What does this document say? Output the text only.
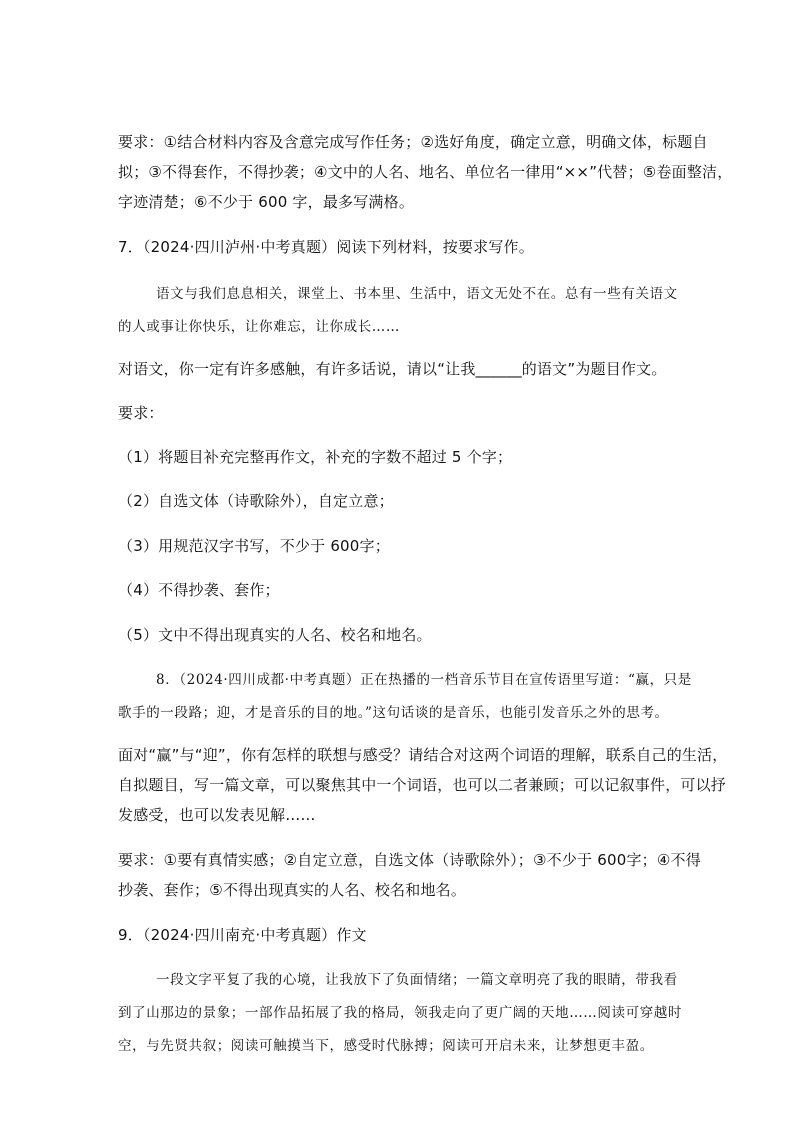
要求：①结合材料内容及含意完成写作任务；②选好角度，确定立意，明确文体，标题自
拟；③不得套作，不得抄袭；④文中的人名、地名、单位名一律用“××”代替；⑤卷面整洁，
字迹清楚；⑥不少于 600 字，最多写满格。
7．（2024·四川泸州·中考真题）阅读下列材料，按要求写作。
语文与我们息息相关，课堂上、书本里、生活中，语文无处不在。总有一些有关语文
的人或事让你快乐，让你难忘，让你成长……
对语文，你一定有许多感触，有许多话说，请以“让我______的语文”为题目作文。
要求：
（1）将题目补充完整再作文，补充的字数不超过 5 个字；
（2）自选文体（诗歌除外），自定立意；
（3）用规范汉字书写，不少于 600字；
（4）不得抄袭、套作；
（5）文中不得出现真实的人名、校名和地名。
8．（2024·四川成都·中考真题）正在热播的一档音乐节目在宣传语里写道：“赢，只是
歌手的一段路；迎，才是音乐的目的地。”这句话谈的是音乐，也能引发音乐之外的思考。
面对“赢”与“迎”，你有怎样的联想与感受？请结合对这两个词语的理解，联系自己的生活，
自拟题目，写一篇文章，可以聚焦其中一个词语，也可以二者兼顾；可以记叙事件，可以抒
发感受，也可以发表见解……
要求：①要有真情实感；②自定立意，自选文体（诗歌除外）；③不少于 600字；④不得
抄袭、套作；⑤不得出现真实的人名、校名和地名。
9．（2024·四川南充·中考真题）作文
一段文字平复了我的心境，让我放下了负面情绪；一篇文章明亮了我的眼睛，带我看
到了山那边的景象；一部作品拓展了我的格局，领我走向了更广阔的天地……阅读可穿越时
空，与先贤共叙；阅读可触摸当下，感受时代脉搏；阅读可开启未来，让梦想更丰盈。
